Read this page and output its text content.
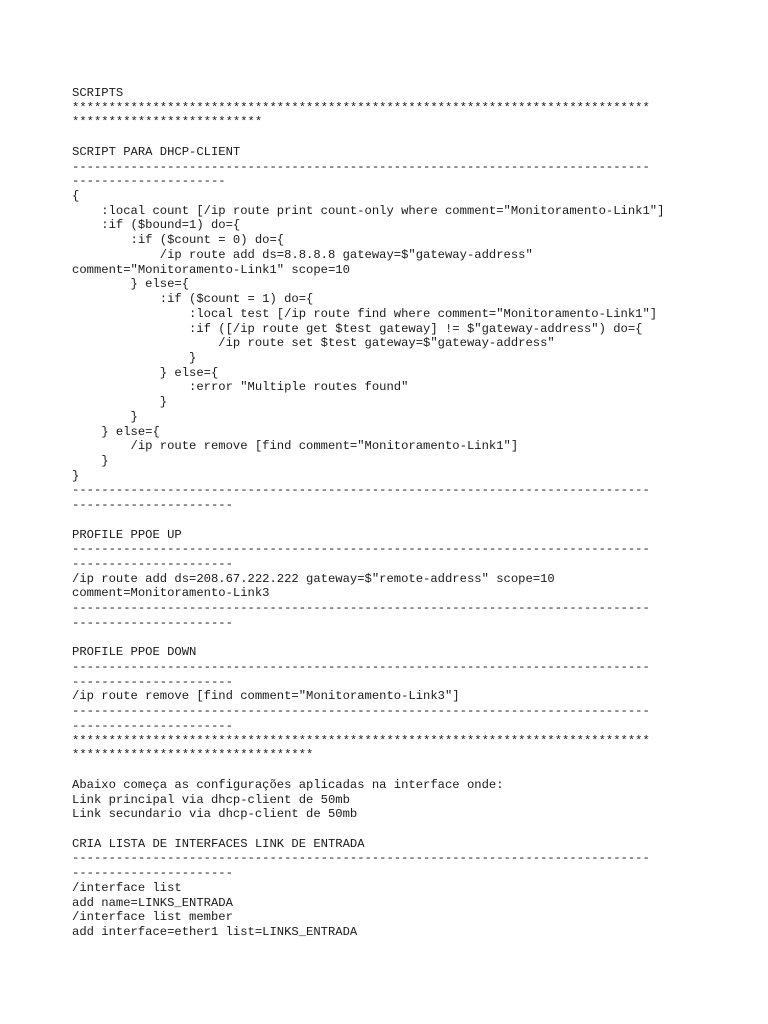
SCRIPTS
*******************************************************************************
**************************
SCRIPT PARA DHCP-CLIENT
-------------------------------------------------------------------------------
---------------------
{
:local count [/ip route print count-only where comment="Monitoramento-Link1"]
:if ($bound=1) do={
:if ($count = 0) do={
/ip route add ds=8.8.8.8 gateway=$"gateway-address"
comment="Monitoramento-Link1" scope=10
} else={
:if ($count = 1) do={
:local test [/ip route find where comment="Monitoramento-Link1"]
:if ([/ip route get $test gateway] != $"gateway-address") do={
/ip route set $test gateway=$"gateway-address"
}
} else={
:error "Multiple routes found"
}
}
} else={
/ip route remove [find comment="Monitoramento-Link1"]
}
}
-------------------------------------------------------------------------------
----------------------
PROFILE PPOE UP
-------------------------------------------------------------------------------
----------------------
/ip route add ds=208.67.222.222 gateway=$"remote-address" scope=10
comment=Monitoramento-Link3
-------------------------------------------------------------------------------
----------------------
PROFILE PPOE DOWN
-------------------------------------------------------------------------------
----------------------
/ip route remove [find comment="Monitoramento-Link3"]
-------------------------------------------------------------------------------
----------------------
*******************************************************************************
*********************************
Abaixo começa as configurações aplicadas na interface onde:
Link principal via dhcp-client de 50mb
Link secundario via dhcp-client de 50mb
CRIA LISTA DE INTERFACES LINK DE ENTRADA
-------------------------------------------------------------------------------
----------------------
/interface list
add name=LINKS_ENTRADA
/interface list member
add interface=ether1 list=LINKS_ENTRADA
